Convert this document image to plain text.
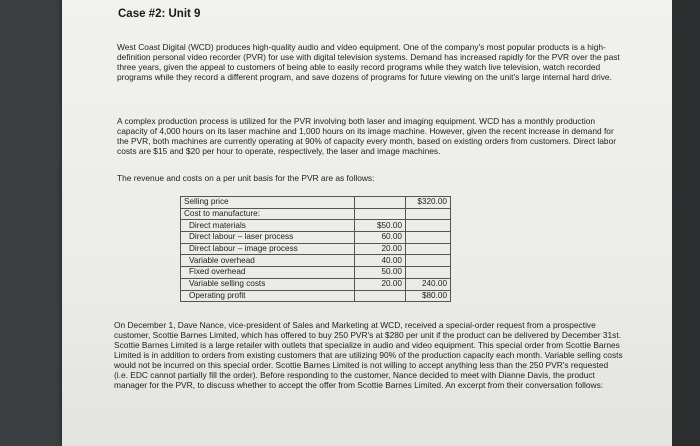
Case #2: Unit 9

West Coast Digital (WCD) produces high-quality audio and video equipment. One of the company's most popular products is a high-definition personal video recorder (PVR) for use with digital television systems. Demand has increased rapidly for the PVR over the past three years, given the appeal to customers of being able to easily record programs while they watch live television, watch recorded programs while they record a different program, and save dozens of programs for future viewing on the unit's large internal hard drive.

A complex production process is utilized for the PVR involving both laser and imaging equipment. WCD has a monthly production capacity of 4,000 hours on its laser machine and 1,000 hours on its image machine. However, given the recent increase in demand for the PVR, both machines are currently operating at 90% of capacity every month, based on existing orders from customers. Direct labor costs are $15 and $20 per hour to operate, respectively, the laser and image machines.

The revenue and costs on a per unit basis for the PVR are as follows:

Selling price		$320.00
Cost to manufacture:		
Direct materials	$50.00	
Direct labour – laser process	60.00	
Direct labour – image process	20.00	
Variable overhead	40.00	
Fixed overhead	50.00	
Variable selling costs	20.00	240.00
Operating profit		$80.00

On December 1, Dave Nance, vice-president of Sales and Marketing at WCD, received a special-order request from a prospective customer, Scottie Barnes Limited, which has offered to buy 250 PVR's at $280 per unit if the product can be delivered by December 31st. Scottie Barnes Limited is a large retailer with outlets that specialize in audio and video equipment. This special order from Scottie Barnes Limited is in addition to orders from existing customers that are utilizing 90% of the production capacity each month. Variable selling costs would not be incurred on this special order. Scottie Barnes Limited is not willing to accept anything less than the 250 PVR's requested (i.e. EDC cannot partially fill the order). Before responding to the customer, Nance decided to meet with Dianne Davis, the product manager for the PVR, to discuss whether to accept the offer from Scottie Barnes Limited. An excerpt from their conversation follows:
